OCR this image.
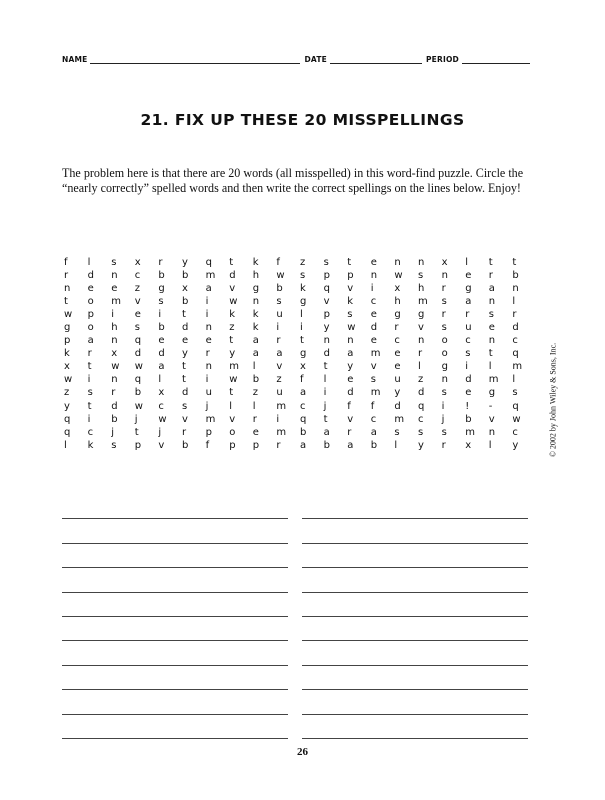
NAME	DATE	PERIOD
21. FIX UP THESE 20 MISSPELLINGS
The problem here is that there are 20 words (all misspelled) in this word-find puzzle. Circle the “nearly correctly” spelled words and then write the correct spellings on the lines below. Enjoy!
f	l	s	x	r	y	q	t	k	f	z	s	t	e	n	n	x	l	t	t
r	d	n	c	b	b	m	d	h	w	s	p	p	n	w	s	n	e	r	b
n	e	e	z	g	x	a	v	g	b	k	q	v	i	x	h	r	g	a	n
t	o	m	v	s	b	i	w	n	s	g	v	k	c	h	m	s	a	n	l
w	p	i	e	i	t	i	k	k	u	l	p	s	e	g	g	r	r	s	r
g	o	h	s	b	d	n	z	k	i	i	y	w	d	r	v	s	u	e	d
p	a	n	q	e	e	e	t	a	r	t	n	n	e	c	n	o	c	n	c
k	r	x	d	d	y	r	y	a	a	g	d	a	m	e	r	o	s	t	q
x	t	w	w	a	t	n	m	l	v	x	t	y	v	e	l	g	i	l	m
w	i	n	q	l	t	i	w	b	z	f	l	e	s	u	z	n	d	m	l
z	s	r	b	x	d	u	t	z	u	a	i	d	m	y	d	s	e	g	s
y	t	d	w	c	s	j	l	l	m	c	j	f	f	d	q	i	!	-	q
q	i	b	j	w	v	m	v	r	i	q	t	v	c	m	c	j	b	v	w
q	c	j	t	j	r	p	o	e	m	b	a	r	a	s	s	s	m	n	c
l	k	s	p	v	b	f	p	p	r	a	b	a	b	l	y	r	x	l	y
26
© 2002 by John Wiley & Sons, Inc.
